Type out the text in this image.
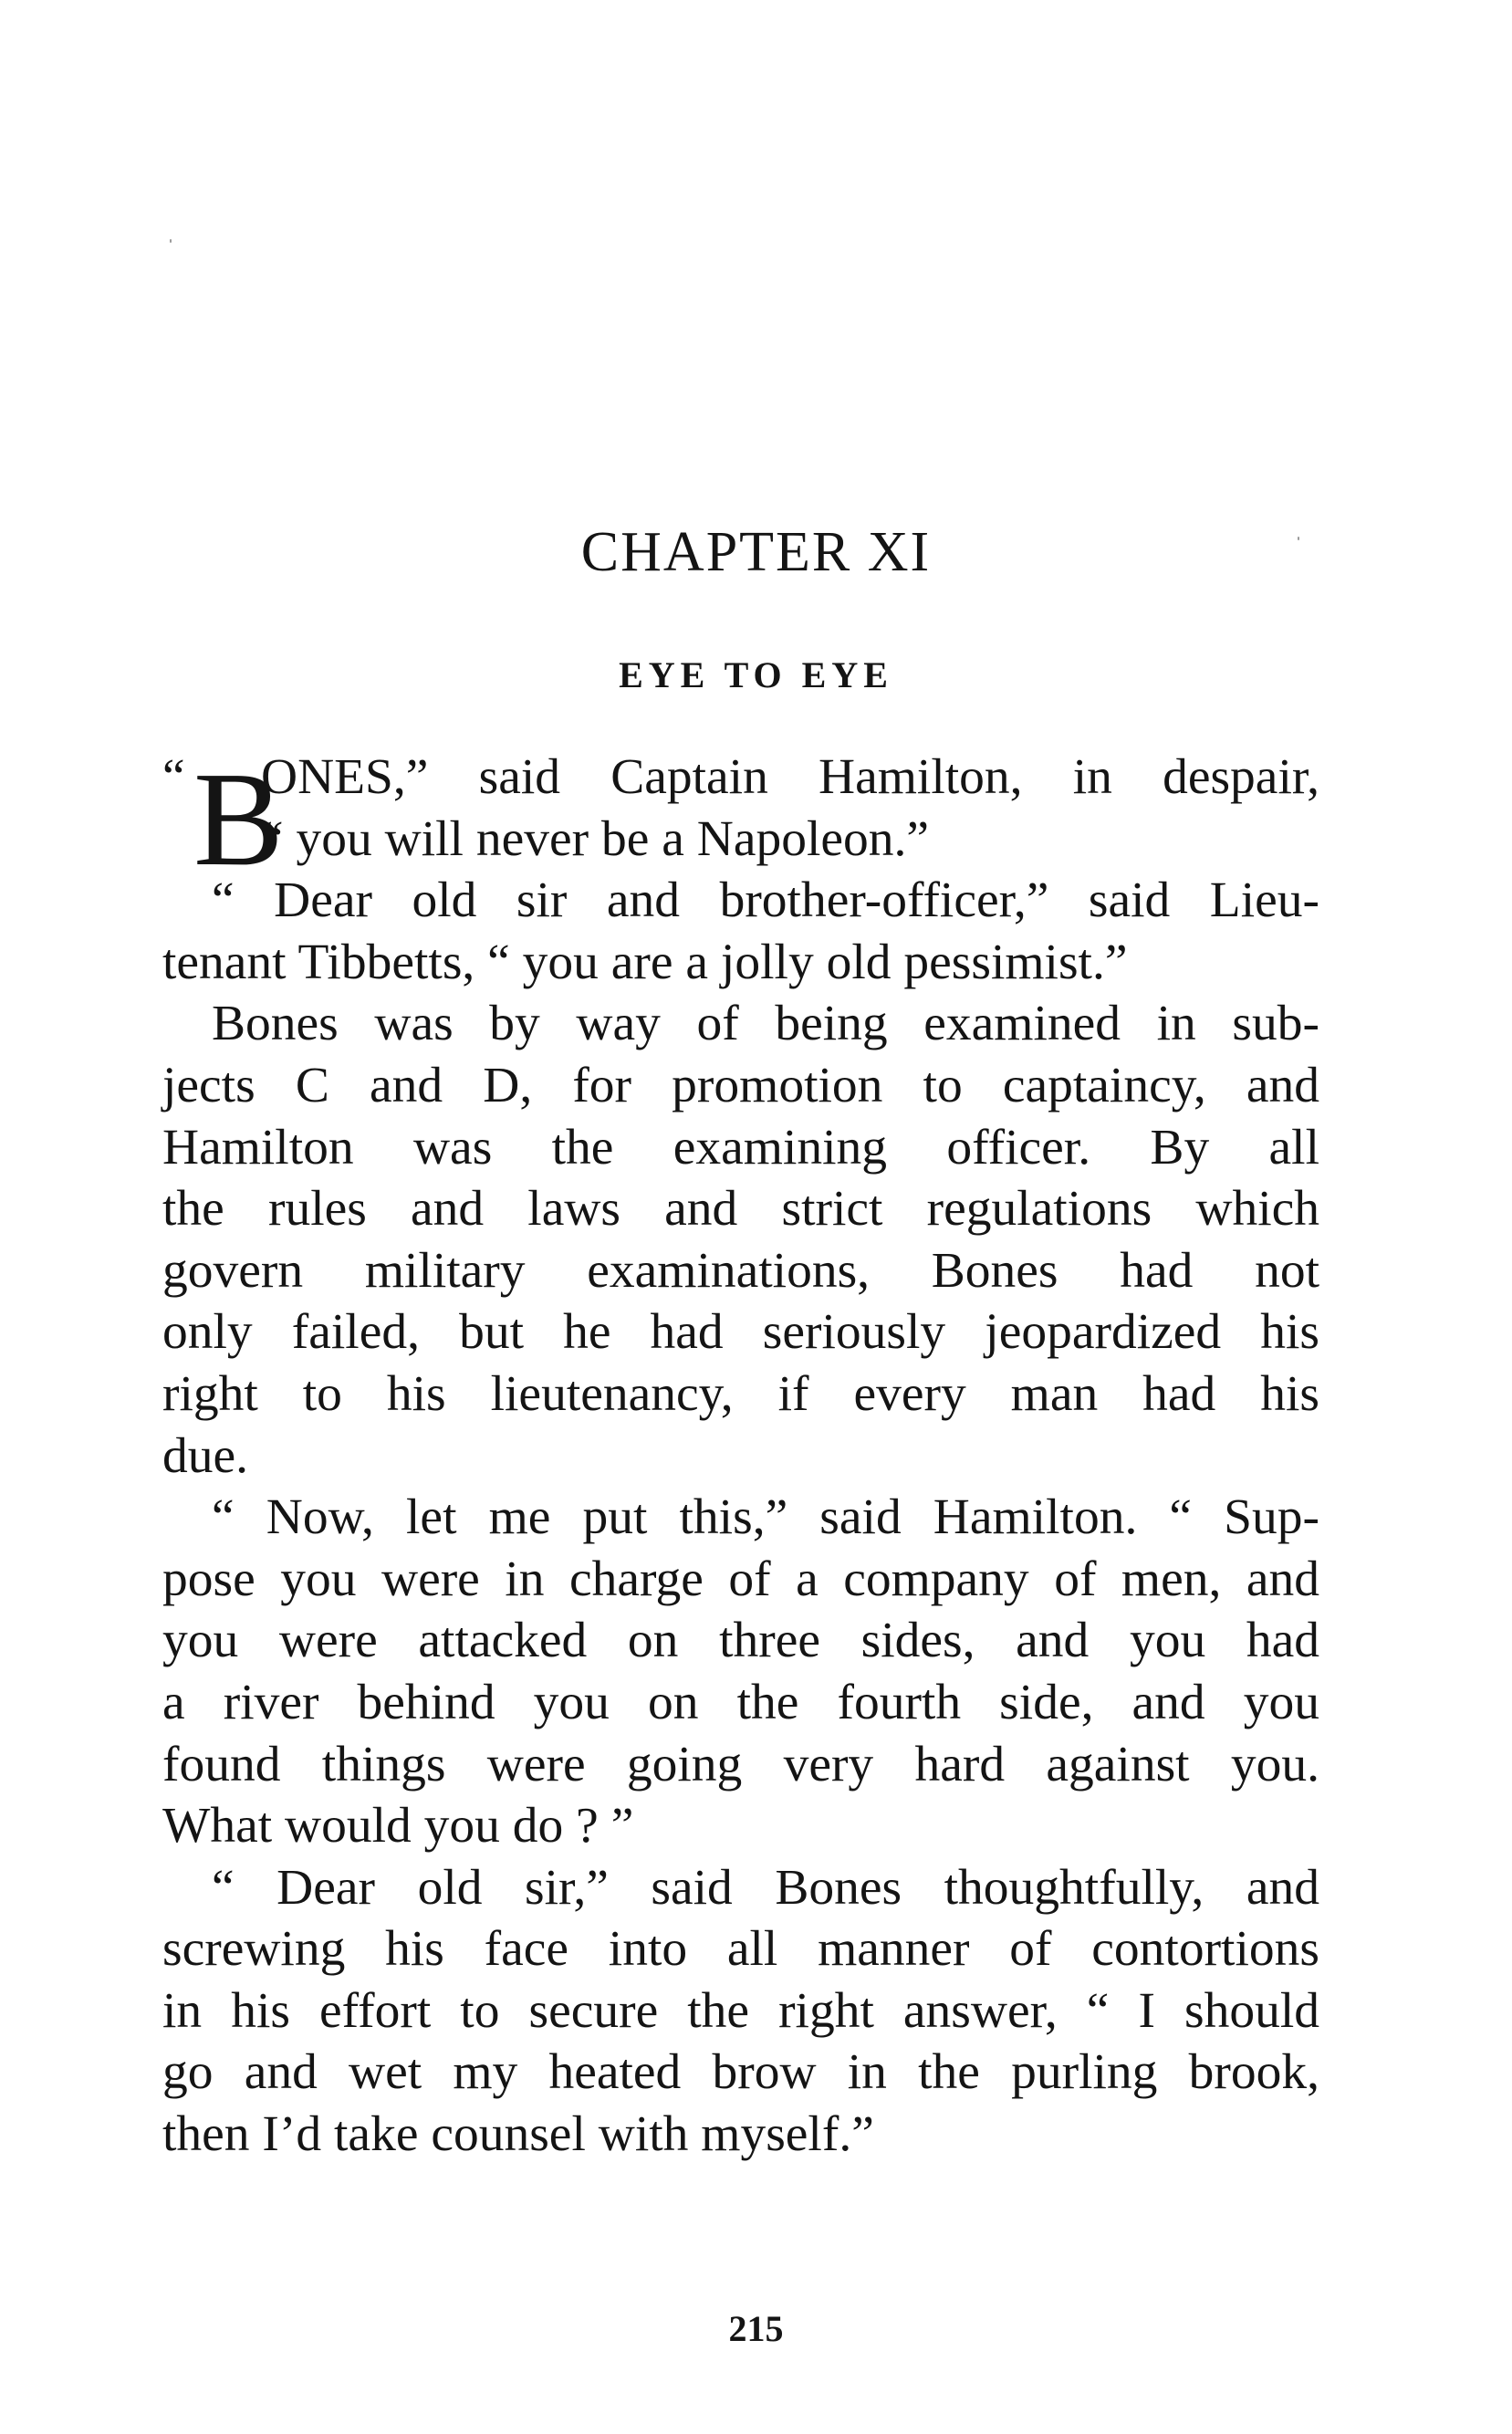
CHAPTER XI
EYE TO EYE
“ B
ONES,” said Captain Hamilton, in despair,
“ you will never be a Napoleon.”
“ Dear old sir and brother-officer,” said Lieu-
tenant Tibbetts, “ you are a jolly old pessimist.”
Bones was by way of being examined in sub-
jects C and D, for promotion to captaincy, and
Hamilton was the examining officer. By all
the rules and laws and strict regulations which
govern military examinations, Bones had not
only failed, but he had seriously jeopardized his
right to his lieutenancy, if every man had his
due.
“ Now, let me put this,” said Hamilton. “ Sup-
pose you were in charge of a company of men, and
you were attacked on three sides, and you had
a river behind you on the fourth side, and you
found things were going very hard against you.
What would you do ? ”
“ Dear old sir,” said Bones thoughtfully, and
screwing his face into all manner of contortions
in his effort to secure the right answer, “ I should
go and wet my heated brow in the purling brook,
then I’d take counsel with myself.”
215
